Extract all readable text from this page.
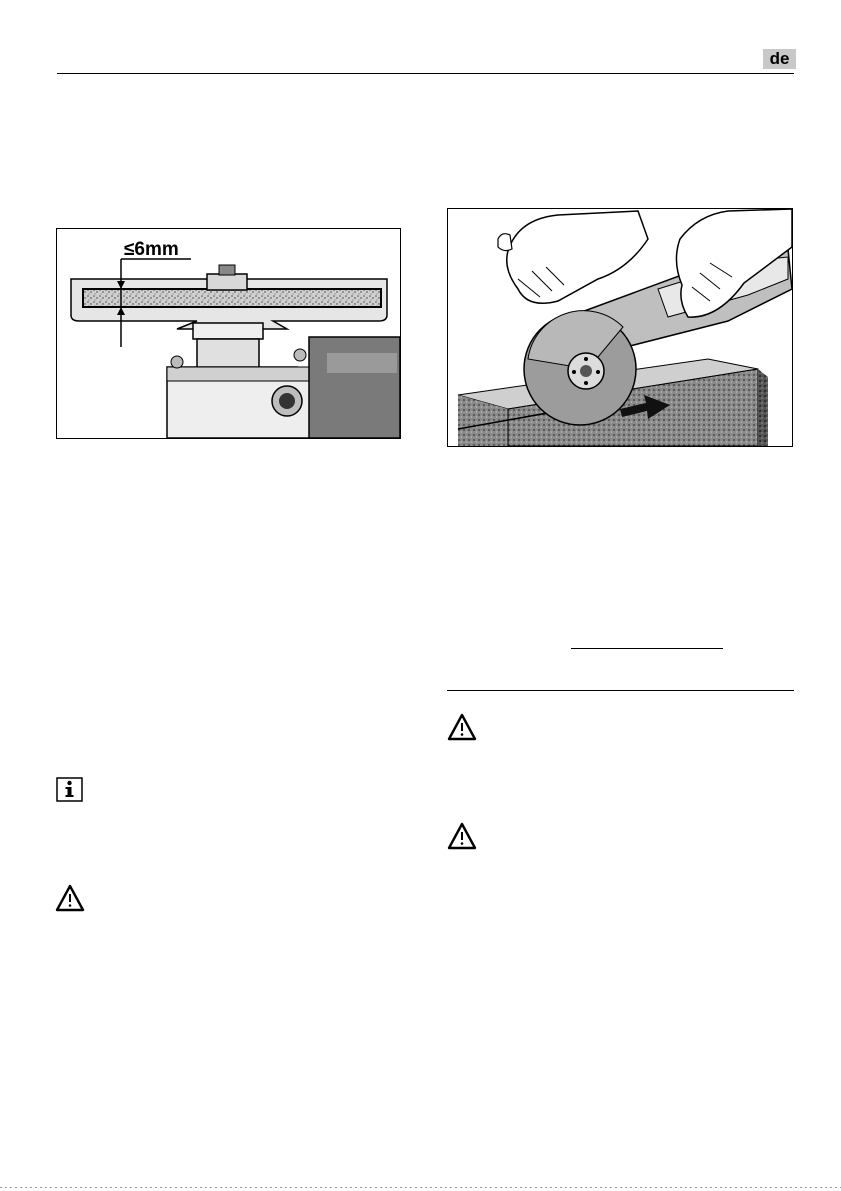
de
≤6mm
